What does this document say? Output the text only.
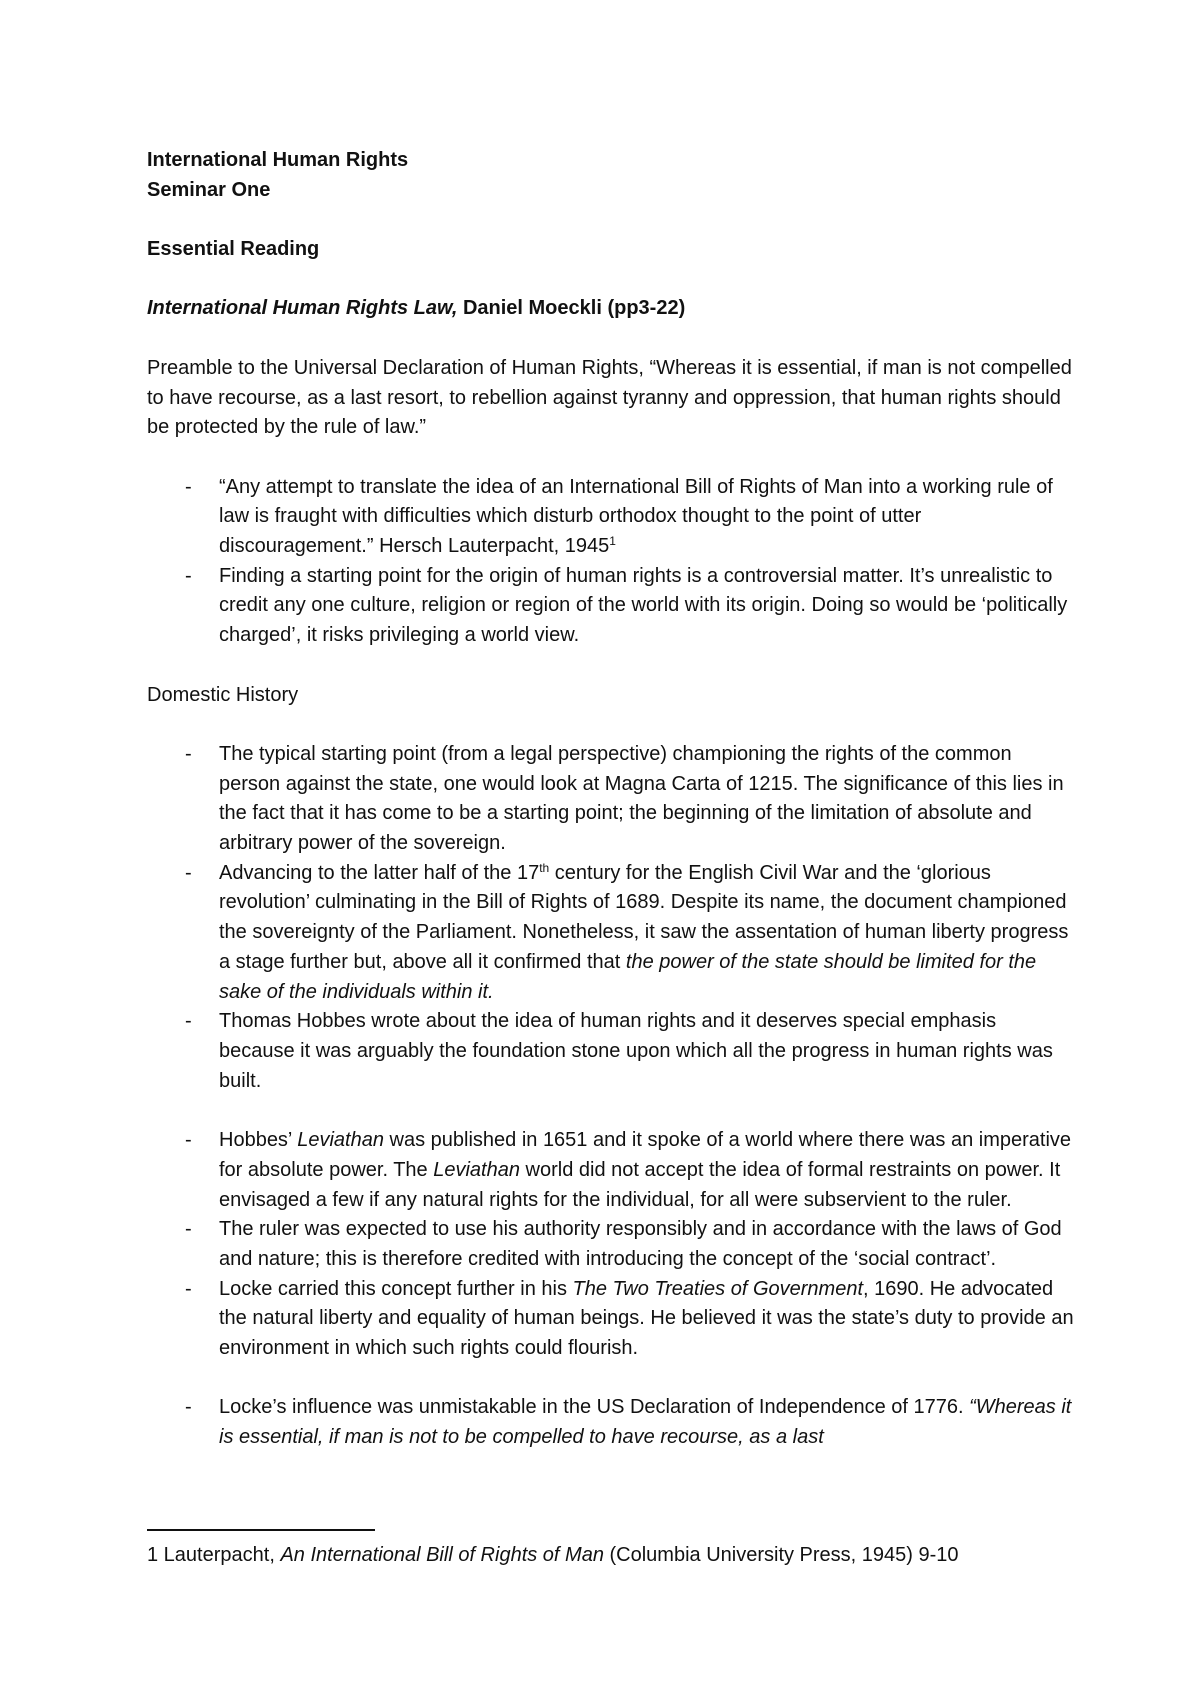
International Human Rights

Seminar One

Essential Reading

International Human Rights Law, Daniel Moeckli (pp3-22)

Preamble to the Universal Declaration of Human Rights, “Whereas it is essential, if man is not compelled to have recourse, as a last resort, to rebellion against tyranny and oppression, that human rights should be protected by the rule of law.”

- “Any attempt to translate the idea of an International Bill of Rights of Man into a working rule of law is fraught with difficulties which disturb orthodox thought to the point of utter discouragement.” Hersch Lauterpacht, 1945$^1$
- Finding a starting point for the origin of human rights is a controversial matter. It’s unrealistic to credit any one culture, religion or region of the world with its origin. Doing so would be ‘politically charged’, it risks privileging a world view.

Domestic History

- The typical starting point (from a legal perspective) championing the rights of the common person against the state, one would look at Magna Carta of 1215. The significance of this lies in the fact that it has come to be a starting point; the beginning of the limitation of absolute and arbitrary power of the sovereign.
- Advancing to the latter half of the 17th century for the English Civil War and the ‘glorious revolution’ culminating in the Bill of Rights of 1689. Despite its name, the document championed the sovereignty of the Parliament. Nonetheless, it saw the assentation of human liberty progress a stage further but, above all it confirmed that the power of the state should be limited for the sake of the individuals within it.
- Thomas Hobbes wrote about the idea of human rights and it deserves special emphasis because it was arguably the foundation stone upon which all the progress in human rights was built.
- Hobbes’ Leviathan was published in 1651 and it spoke of a world where there was an imperative for absolute power. The Leviathan world did not accept the idea of formal restraints on power. It envisaged a few if any natural rights for the individual, for all were subservient to the ruler.
- The ruler was expected to use his authority responsibly and in accordance with the laws of God and nature; this is therefore credited with introducing the concept of the ‘social contract’.
- Locke carried this concept further in his The Two Treaties of Government, 1690. He advocated the natural liberty and equality of human beings. He believed it was the state’s duty to provide an environment in which such rights could flourish.
- Locke’s influence was unmistakable in the US Declaration of Independence of 1776. “Whereas it is essential, if man is not to be compelled to have recourse, as a last

1 Lauterpacht, An International Bill of Rights of Man (Columbia University Press, 1945) 9-10
